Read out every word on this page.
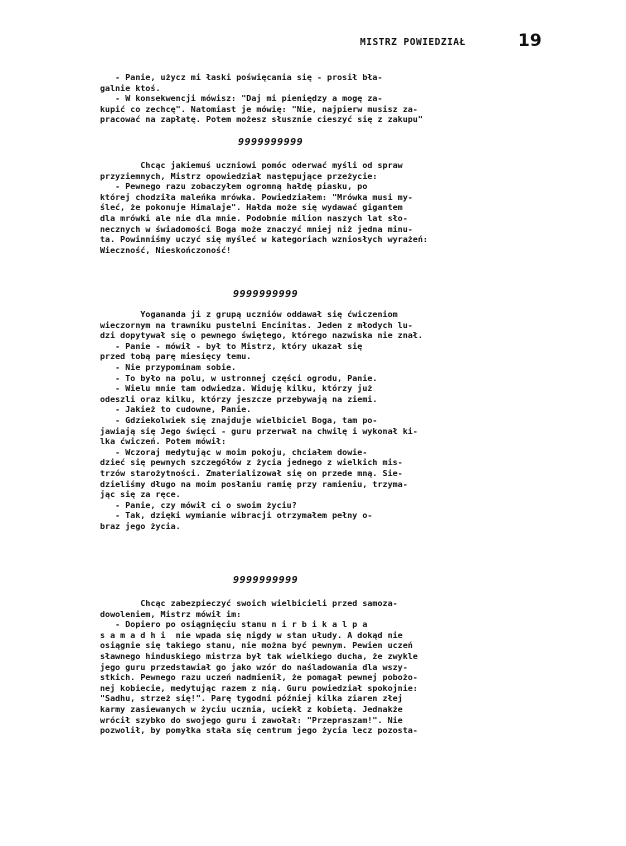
MISTRZ POWIEDZIAŁ	19
- Panie, użycz mi łaski poświęcania się - prosił bła-
galnie ktoś.
- W konsekwencji mówisz: "Daj mi pieniędzy a mogę za-
kupić co zechcę". Natomiast je mówię: "Nie, najpierw musisz za-
pracować na zapłatę. Potem możesz słusznie cieszyć się z zakupu"
9999999999
Chcąc jakiemuś uczniowi pomóc oderwać myśli od spraw
przyziemnych, Mistrz opowiedział następujące przeżycie:
- Pewnego razu zobaczyłem ogromną hałdę piasku, po
której chodziła maleńka mrówka. Powiedziałem: "Mrówka musi my-
śleć, że pokonuje Himalaje". Hałda może się wydawać gigantem
dla mrówki ale nie dla mnie. Podobnie milion naszych lat sło-
necznych w świadomości Boga może znaczyć mniej niż jedna minu-
ta. Powinniśmy uczyć się myśleć w kategoriach wzniosłych wyrażeń:
Wieczność, Nieskończoność!
9999999999
Yogananda ji z grupą uczniów oddawał się ćwiczeniom
wieczornym na trawniku pustelni Encinitas. Jeden z młodych lu-
dzi dopytywał się o pewnego świętego, którego nazwiska nie znał.
- Panie - mówił - był to Mistrz, który ukazał się
przed tobą parę miesięcy temu.
- Nie przypominam sobie.
- To było na polu, w ustronnej części ogrodu, Panie.
- Wielu mnie tam odwiedza. Widuję kilku, którzy już
odeszli oraz kilku, którzy jeszcze przebywają na ziemi.
- Jakież to cudowne, Panie.
- Gdziekolwiek się znajduje wielbiciel Boga, tam po-
jawiają się Jego święci - guru przerwał na chwilę i wykonał ki-
lka ćwiczeń. Potem mówił:
- Wczoraj medytując w moim pokoju, chciałem dowie-
dzieć się pewnych szczegółów z życia jednego z wielkich mis-
trzów starożytności. Zmaterializował się on przede mną. Sie-
dzieliśmy długo na moim posłaniu ramię przy ramieniu, trzyma-
jąc się za ręce.
- Panie, czy mówił ci o swoim życiu?
- Tak, dzięki wymianie wibracji otrzymałem pełny o-
braz jego życia.
9999999999
Chcąc zabezpieczyć swoich wielbicieli przed samoza-
dowoleniem, Mistrz mówił im:
- Dopiero po osiągnięciu stanu n i r b i k a l p a
s a m a d h i  nie wpada się nigdy w stan ułudy. A dokąd nie
osiągnie się takiego stanu, nie można być pewnym. Pewien uczeń
sławnego hinduskiego mistrza był tak wielkiego ducha, że zwykle
jego guru przedstawiał go jako wzór do naśladowania dla wszy-
stkich. Pewnego razu uczeń nadmienił, że pomagał pewnej pobożo-
nej kobiecie, medytując razem z nią. Guru powiedział spokojnie:
"Sadhu, strzeż się!". Parę tygodni później kilka ziaren złej
karmy zasiewanych w życiu ucznia, uciekł z kobietą. Jednakże
wrócił szybko do swojego guru i zawołał: "Przepraszam!". Nie
pozwolił, by pomyłka stała się centrum jego życia lecz pozosta-
